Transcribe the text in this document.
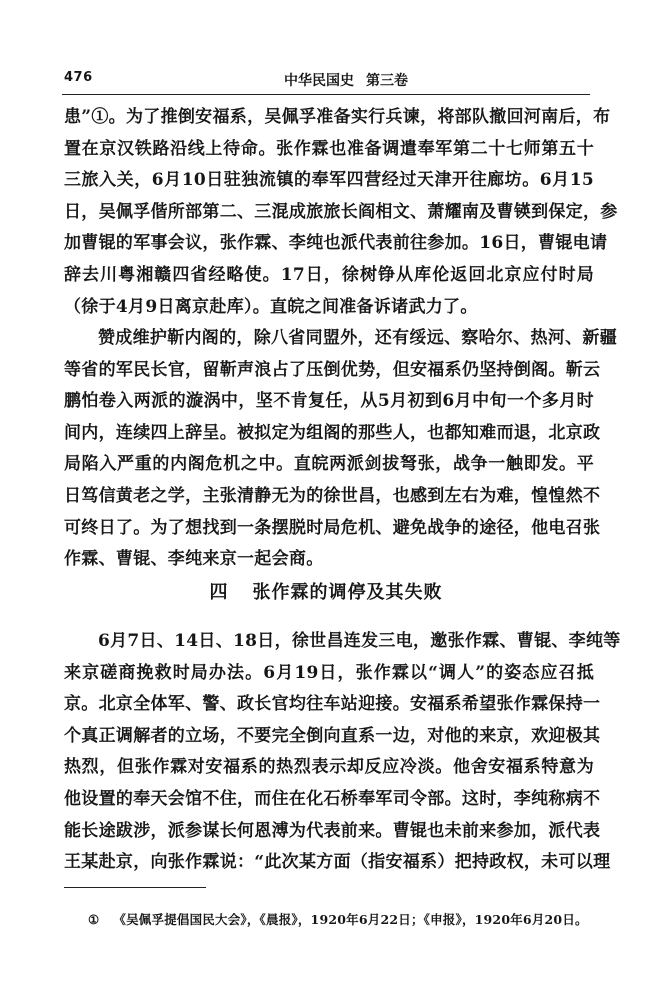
476	中华民国史 第三卷
患”①。为了推倒安福系，吴佩孚准备实行兵谏，将部队撤回河南后，布
置在京汉铁路沿线上待命。张作霖也准备调遣奉军第二十七师第五十
三旅入关，6月10日驻独流镇的奉军四营经过天津开往廊坊。6月15
日，吴佩孚偕所部第二、三混成旅旅长阎相文、萧耀南及曹锳到保定，参
加曹锟的军事会议，张作霖、李纯也派代表前往参加。16日，曹锟电请
辞去川粤湘赣四省经略使。17日，徐树铮从库伦返回北京应付时局
（徐于4月9日离京赴库）。直皖之间准备诉诸武力了。
赞成维护靳内阁的，除八省同盟外，还有绥远、察哈尔、热河、新疆
等省的军民长官，留靳声浪占了压倒优势，但安福系仍坚持倒阁。靳云
鹏怕卷入两派的漩涡中，坚不肯复任，从5月初到6月中旬一个多月时
间内，连续四上辞呈。被拟定为组阁的那些人，也都知难而退，北京政
局陷入严重的内阁危机之中。直皖两派剑拔弩张，战争一触即发。平
日笃信黄老之学，主张清静无为的徐世昌，也感到左右为难，惶惶然不
可终日了。为了想找到一条摆脱时局危机、避免战争的途径，他电召张
作霖、曹锟、李纯来京一起会商。
四 张作霖的调停及其失败
6月7日、14日、18日，徐世昌连发三电，邀张作霖、曹锟、李纯等
来京磋商挽救时局办法。6月19日，张作霖以“调人”的姿态应召抵
京。北京全体军、警、政长官均往车站迎接。安福系希望张作霖保持一
个真正调解者的立场，不要完全倒向直系一边，对他的来京，欢迎极其
热烈，但张作霖对安福系的热烈表示却反应冷淡。他舍安福系特意为
他设置的奉天会馆不住，而住在化石桥奉军司令部。这时，李纯称病不
能长途跋涉，派参谋长何恩溥为代表前来。曹锟也未前来参加，派代表
王某赴京，向张作霖说：“此次某方面（指安福系）把持政权，未可以理
① 《吴佩孚提倡国民大会》，《晨报》，1920年6月22日；《申报》，1920年6月20日。
